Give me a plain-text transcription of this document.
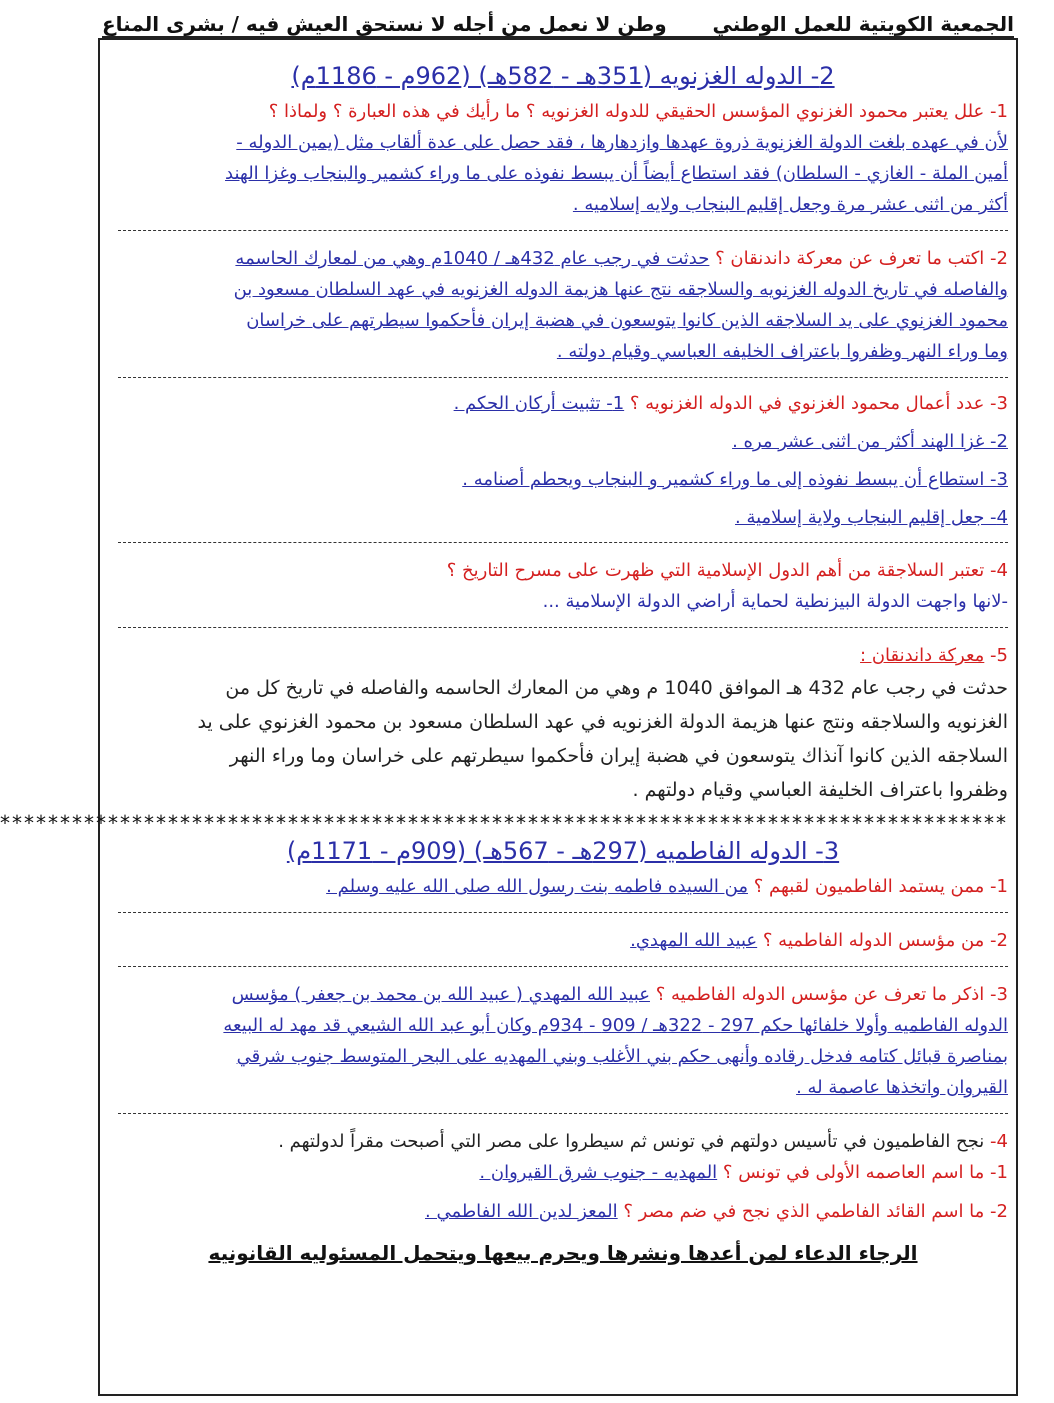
الجمعية الكويتية للعمل الوطني
وطن لا نعمل من أجله لا نستحق العيش فيه / بشرى المناع
2- الدوله الغزنويه (351هـ - 582هـ) (962م - 1186م)
1- علل يعتبر محمود الغزنوي المؤسس الحقيقي للدوله الغزنويه ؟ ما رأيك في هذه العبارة ؟ ولماذا ؟
لأن في عهده بلغت الدولة الغزنوية ذروة عهدها وازدهارها ، فقد حصل على عدة ألقاب مثل (يمين الدوله -
أمين الملة - الغازي - السلطان) فقد استطاع أيضاً أن يبسط نفوذه على ما وراء كشمير والبنجاب وغزا الهند
أكثر من اثنى عشر مرة وجعل إقليم البنجاب ولايه إسلاميه .
2- اكتب ما تعرف عن معركة داندنقان ؟ حدثت في رجب عام 432هـ / 1040م وهي من لمعارك الحاسمه
والفاصله في تاريخ الدوله الغزنويه والسلاجقه نتج عنها هزيمة الدوله الغزنويه في عهد السلطان مسعود بن
محمود الغزنوي على يد السلاجقه الذين كانوا يتوسعون في هضبة إيران فأحكموا سيطرتهم على خراسان
وما وراء النهر وظفروا باعتراف الخليفه العباسي وقيام دولته .
3- عدد أعمال محمود الغزنوي في الدوله الغزنويه ؟ 1- تثبيت أركان الحكم .
2- غزا الهند أكثر من اثنى عشر مره .
3- استطاع أن يبسط نفوذه إلى ما وراء كشمير و البنجاب ويحطم أصنامه .
4- جعل إقليم البنجاب ولاية إسلامية .
4- تعتبر السلاجقة من أهم الدول الإسلامية التي ظهرت على مسرح التاريخ ؟
-لانها واجهت الدولة البيزنطية لحماية أراضي الدولة الإسلامية ...
5- معركة داندنقان :
حدثت في رجب عام 432 هـ الموافق 1040 م وهي من المعارك الحاسمه والفاصله في تاريخ كل من
الغزنويه والسلاجقه ونتج عنها هزيمة الدولة الغزنويه في عهد السلطان مسعود بن محمود الغزنوي على يد
السلاجقه الذين كانوا آنذاك يتوسعون في هضبة إيران فأحكموا سيطرتهم على خراسان وما وراء النهر
وظفروا باعتراف الخليفة العباسي وقيام دولتهم .
************************************************************************************
3- الدوله الفاطميه (297هـ - 567هـ) (909م - 1171م)
1- ممن يستمد الفاطميون لقبهم ؟ من السيده فاطمه بنت رسول الله صلى الله عليه وسلم .
2- من مؤسس الدوله الفاطميه ؟ عبيد الله المهدي.
3- اذكر ما تعرف عن مؤسس الدوله الفاطميه ؟ عبيد الله المهدي ( عبيد الله بن محمد بن جعفر ) مؤسس
الدوله الفاطميه وأولا خلفائها حكم 297 - 322هـ / 909 - 934م وكان أبو عبد الله الشيعي قد مهد له البيعه
بمناصرة قبائل كتامه فدخل رقاده وأنهى حكم بني الأغلب وبني المهديه على البحر المتوسط جنوب شرقي
القيروان واتخذها عاصمة له .
4- نجح الفاطميون في تأسيس دولتهم في تونس ثم سيطروا على مصر التي أصبحت مقراً لدولتهم .
1- ما اسم العاصمه الأولى في تونس ؟ المهديه - جنوب شرق القيروان .
2- ما اسم القائد الفاطمي الذي نجح في ضم مصر ؟ المعز لدين الله الفاطمي .
الرجاء الدعاء لمن أعدها ونشرها ويحرم بيعها ويتحمل المسئوليه القانونيه
